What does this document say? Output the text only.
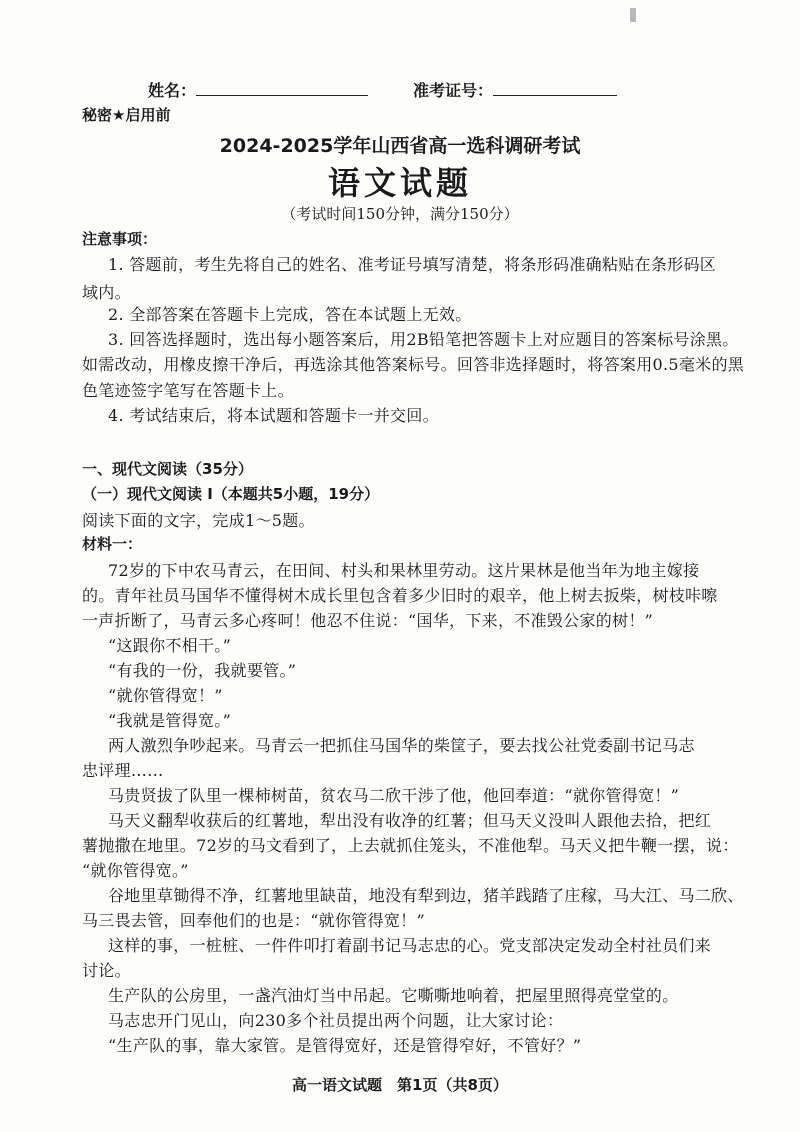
姓名：	准考证号：
秘密★启用前
2024-2025学年山西省高一选科调研考试
语文试题
（考试时间150分钟，满分150分）
注意事项：
1. 答题前，考生先将自己的姓名、准考证号填写清楚，将条形码准确粘贴在条形码区
域内。
2. 全部答案在答题卡上完成，答在本试题上无效。
3. 回答选择题时，选出每小题答案后，用2B铅笔把答题卡上对应题目的答案标号涂黑。
如需改动，用橡皮擦干净后，再选涂其他答案标号。回答非选择题时，将答案用0.5毫米的黑
色笔迹签字笔写在答题卡上。
4. 考试结束后，将本试题和答题卡一并交回。
一、现代文阅读（35分）
（一）现代文阅读 I（本题共5小题，19分）
阅读下面的文字，完成1～5题。
材料一：
72岁的下中农马青云，在田间、村头和果林里劳动。这片果林是他当年为地主嫁接
的。青年社员马国华不懂得树木成长里包含着多少旧时的艰辛，他上树去扳柴，树枝咔嚓
一声折断了，马青云多心疼呵！他忍不住说：“国华，下来，不准毁公家的树！”
“这跟你不相干。”
“有我的一份，我就要管。”
“就你管得宽！”
“我就是管得宽。”
两人激烈争吵起来。马青云一把抓住马国华的柴筐子，要去找公社党委副书记马志
忠评理……
马贵贤拔了队里一棵柿树苗，贫农马二欣干涉了他，他回奉道：“就你管得宽！”
马天义翻犁收获后的红薯地，犁出没有收净的红薯；但马天义没叫人跟他去拾，把红
薯抛撒在地里。72岁的马文看到了，上去就抓住笼头，不准他犁。马天义把牛鞭一摆，说：
“就你管得宽。”
谷地里草锄得不净，红薯地里缺苗，地没有犁到边，猪羊践踏了庄稼，马大江、马二欣、
马三畏去管，回奉他们的也是：“就你管得宽！”
这样的事，一桩桩、一件件叩打着副书记马志忠的心。党支部决定发动全村社员们来
讨论。
生产队的公房里，一盏汽油灯当中吊起。它嘶嘶地响着，把屋里照得亮堂堂的。
马志忠开门见山，向230多个社员提出两个问题，让大家讨论：
“生产队的事，靠大家管。是管得宽好，还是管得窄好，不管好？”
高一语文试题　第1页（共8页）
